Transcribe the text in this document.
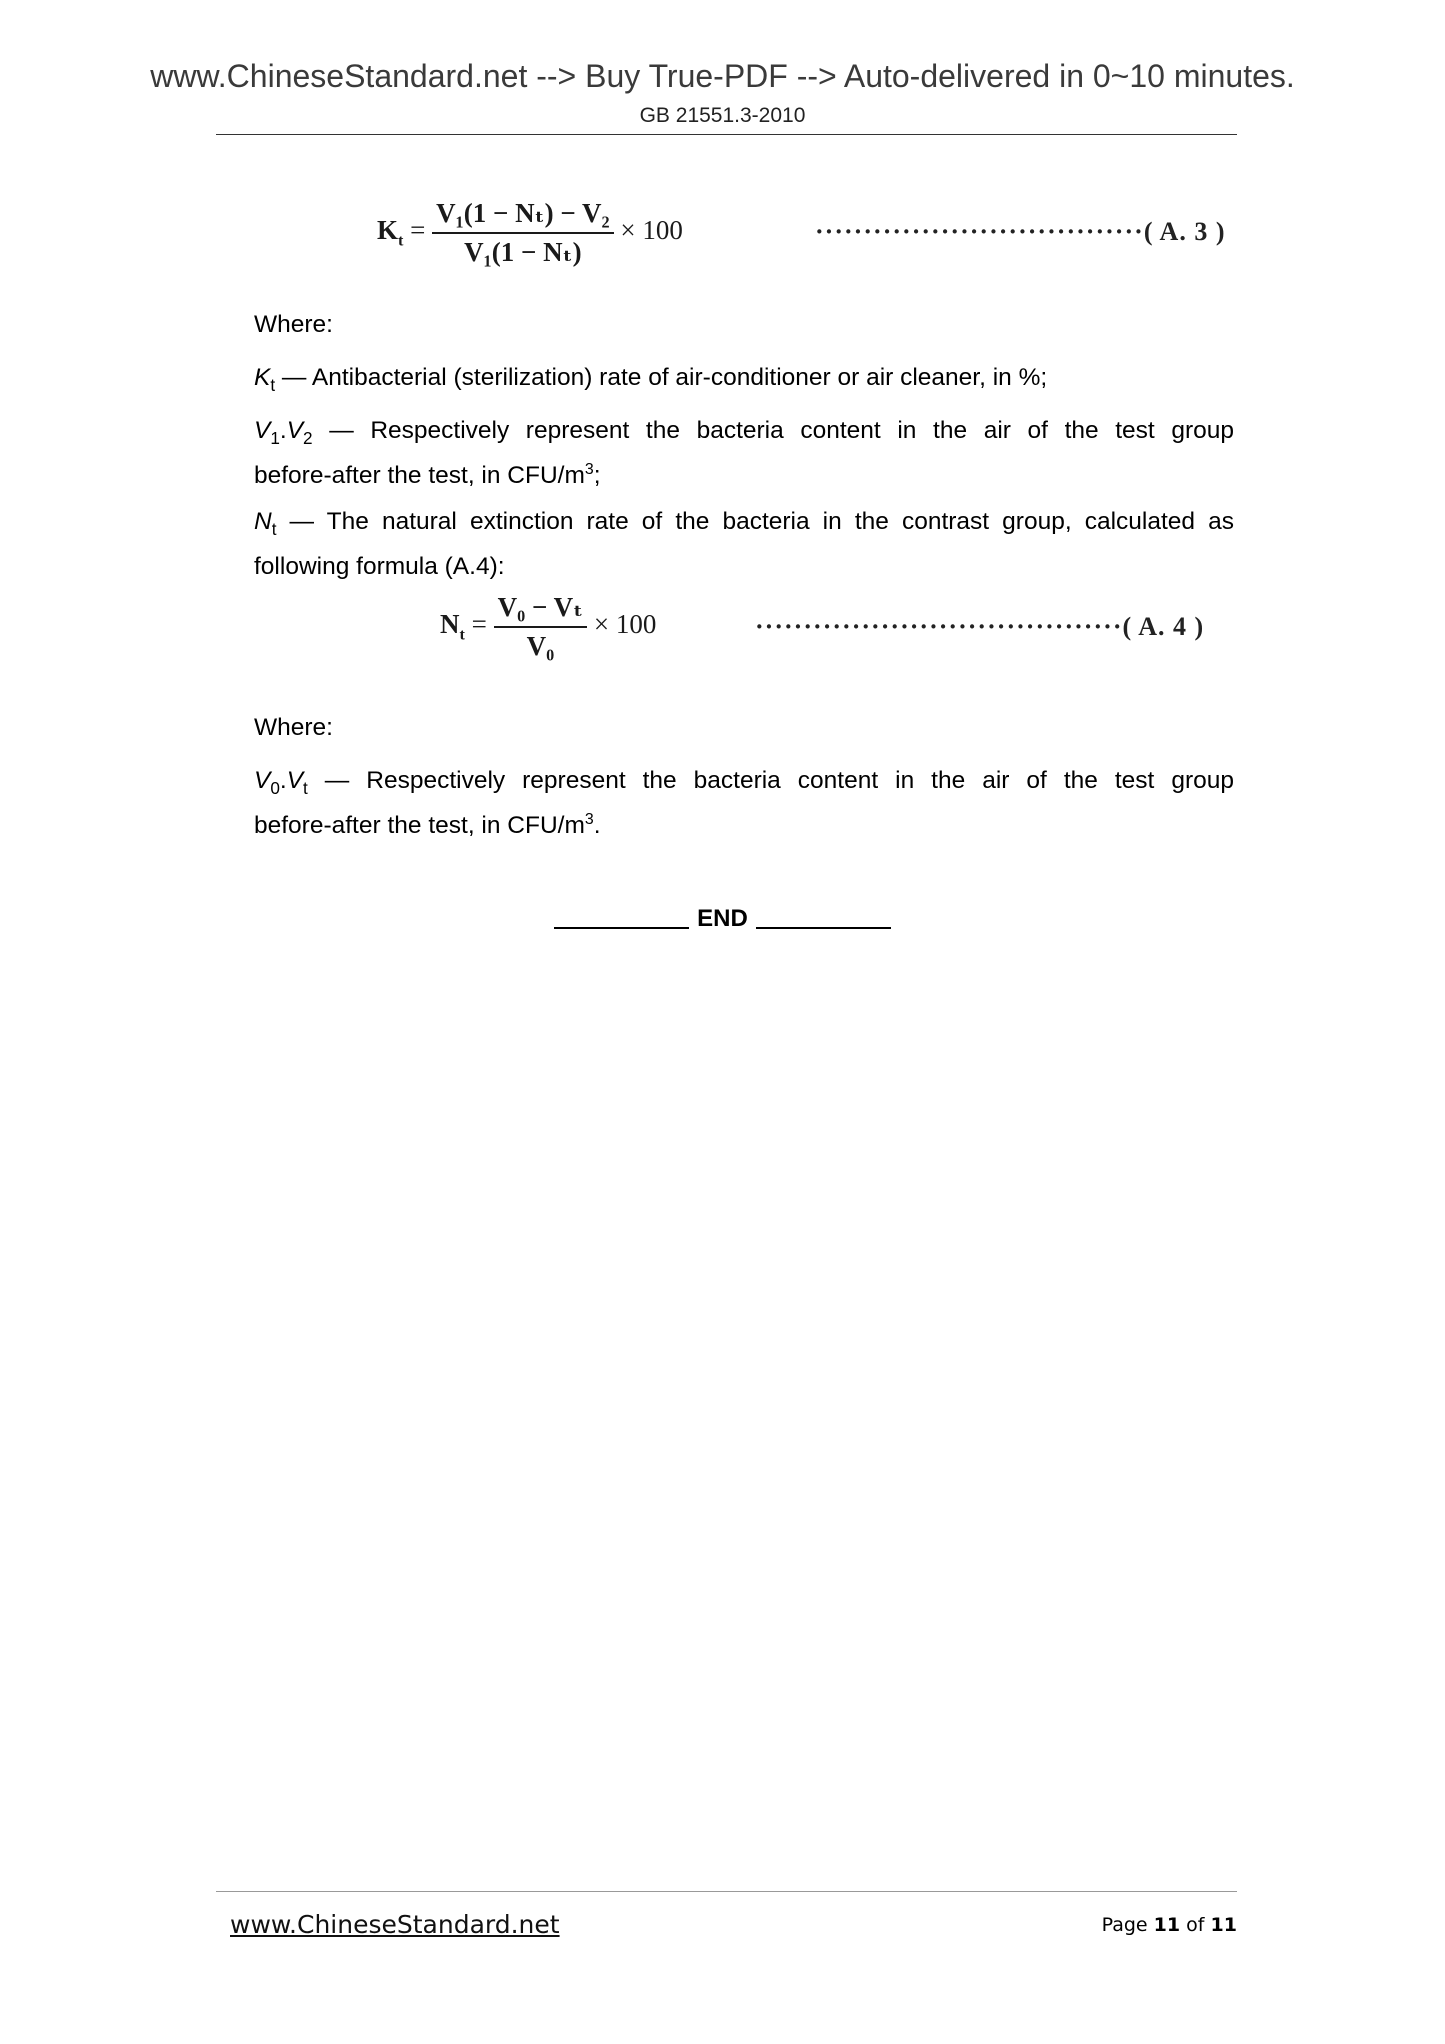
www.ChineseStandard.net --> Buy True-PDF --> Auto-delivered in 0~10 minutes.
GB 21551.3-2010
$K_t = \frac{\text{V₁(1 − Nₜ) − V₂}}{\text{V₁(1 − Nₜ)}} \times 100$	··································( A. 3 )
Where:
$K_t$ — Antibacterial (sterilization) rate of air-conditioner or air cleaner, in %;
$V_1.V_2$ — Respectively represent the bacteria content in the air of the test group
before-after the test, in CFU/$m^3$;
$N_t$ — The natural extinction rate of the bacteria in the contrast group, calculated as
following formula (A.4):
$N_t = \frac{\text{V₀ − Vₜ}}{\text{V₀}} \times 100$	······································( A. 4 )
Where:
$V_0.V_t$ — Respectively represent the bacteria content in the air of the test group
before-after the test, in CFU/$m^3$.
END
www.ChineseStandard.net	Page 11 of 11
